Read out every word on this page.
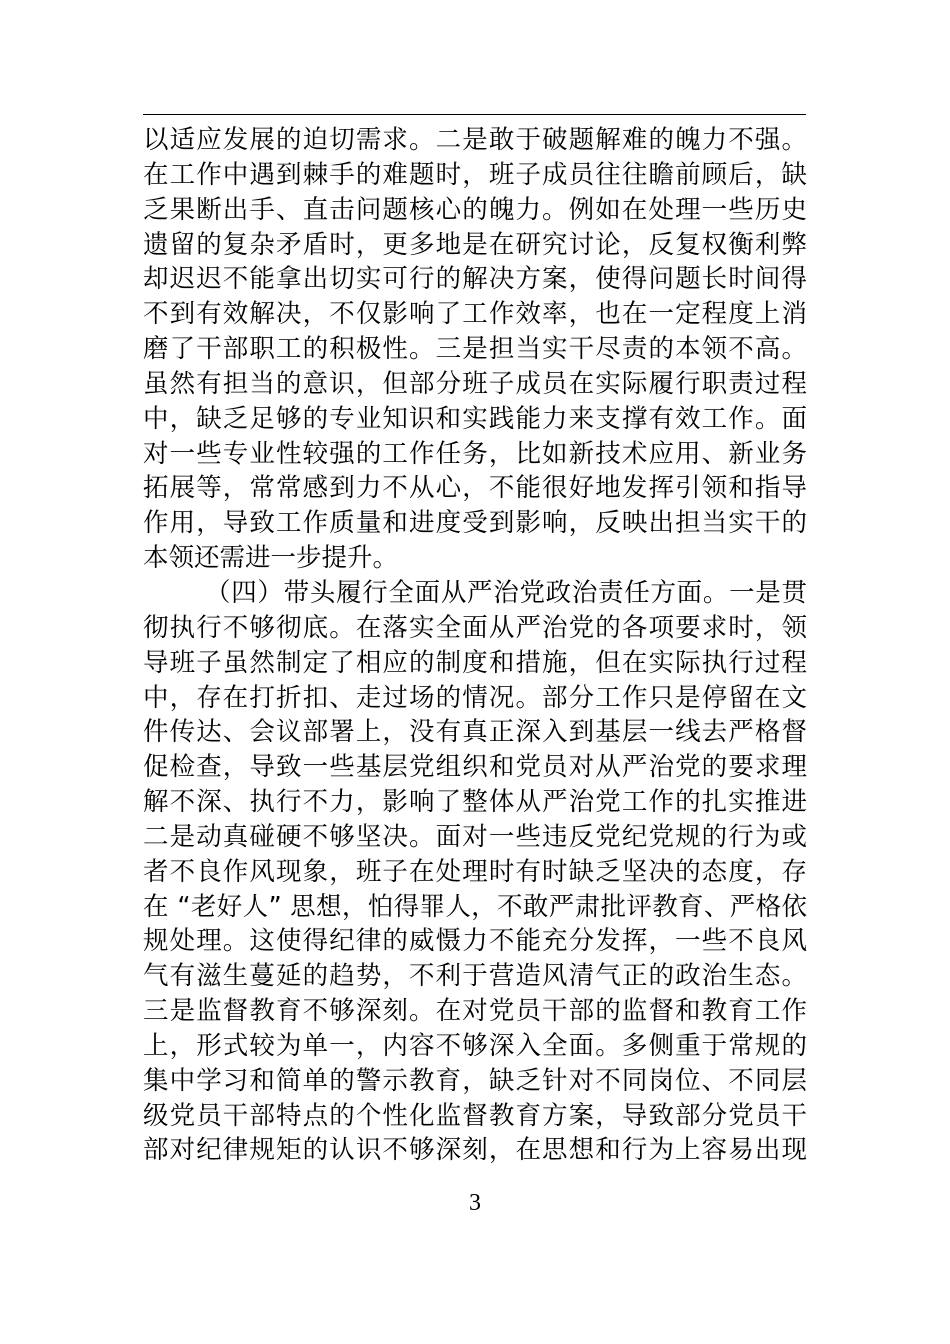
以适应发展的迫切需求。二是敢于破题解难的魄力不强。
在工作中遇到棘手的难题时，班子成员往往瞻前顾后，缺
乏果断出手、直击问题核心的魄力。例如在处理一些历史
遗留的复杂矛盾时，更多地是在研究讨论，反复权衡利弊
却迟迟不能拿出切实可行的解决方案，使得问题长时间得
不到有效解决，不仅影响了工作效率，也在一定程度上消
磨了干部职工的积极性。三是担当实干尽责的本领不高。
虽然有担当的意识，但部分班子成员在实际履行职责过程
中，缺乏足够的专业知识和实践能力来支撑有效工作。面
对一些专业性较强的工作任务，比如新技术应用、新业务
拓展等，常常感到力不从心，不能很好地发挥引领和指导
作用，导致工作质量和进度受到影响，反映出担当实干的
本领还需进一步提升。
（四）带头履行全面从严治党政治责任方面。一是贯
彻执行不够彻底。在落实全面从严治党的各项要求时，领
导班子虽然制定了相应的制度和措施，但在实际执行过程
中，存在打折扣、走过场的情况。部分工作只是停留在文
件传达、会议部署上，没有真正深入到基层一线去严格督
促检查，导致一些基层党组织和党员对从严治党的要求理
解不深、执行不力，影响了整体从严治党工作的扎实推进
二是动真碰硬不够坚决。面对一些违反党纪党规的行为或
者不良作风现象，班子在处理时有时缺乏坚决的态度，存
在 “老好人” 思想，怕得罪人，不敢严肃批评教育、严格依
规处理。这使得纪律的威慑力不能充分发挥，一些不良风
气有滋生蔓延的趋势，不利于营造风清气正的政治生态。
三是监督教育不够深刻。在对党员干部的监督和教育工作
上，形式较为单一，内容不够深入全面。多侧重于常规的
集中学习和简单的警示教育，缺乏针对不同岗位、不同层
级党员干部特点的个性化监督教育方案，导致部分党员干
部对纪律规矩的认识不够深刻，在思想和行为上容易出现
3
